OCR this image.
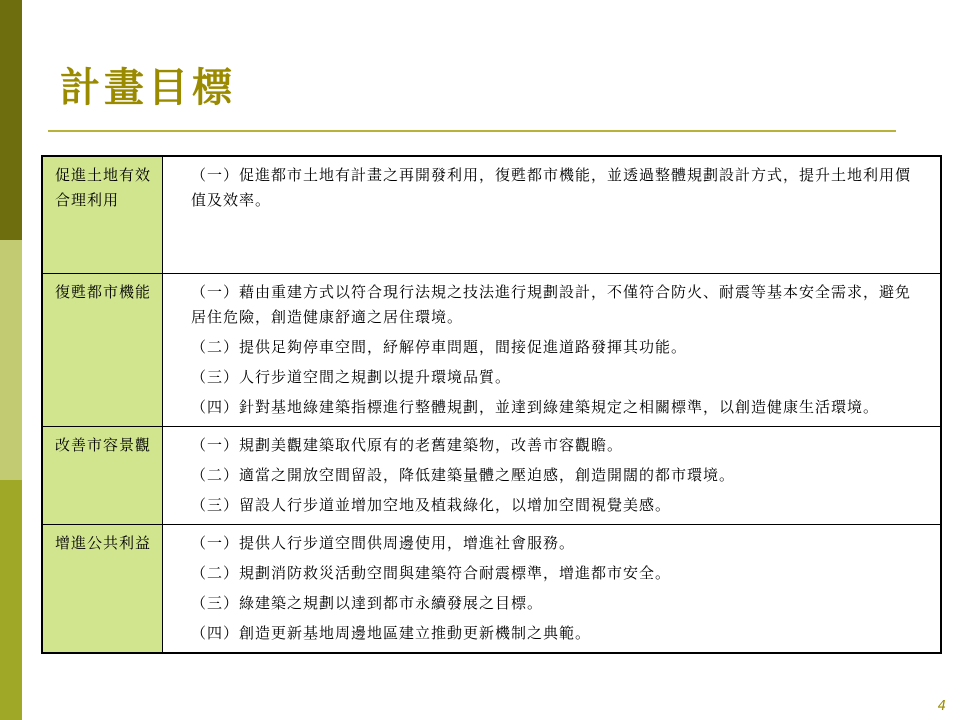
計畫目標
促進土地有效合理利用	（一）促進都市土地有計畫之再開發利用，復甦都市機能，並透過整體規劃設計方式，提升土地利用價值及效率。

復甦都市機能	（一）藉由重建方式以符合現行法規之技法進行規劃設計，不僅符合防火、耐震等基本安全需求，避免居住危險，創造健康舒適之居住環境。

（二）提供足夠停車空間，紓解停車問題，間接促進道路發揮其功能。

（三）人行步道空間之規劃以提升環境品質。

（四）針對基地綠建築指標進行整體規劃，並達到綠建築規定之相關標準，以創造健康生活環境。

改善市容景觀	（一）規劃美觀建築取代原有的老舊建築物，改善市容觀瞻。

（二）適當之開放空間留設，降低建築量體之壓迫感，創造開闊的都市環境。

（三）留設人行步道並增加空地及植栽綠化，以增加空間視覺美感。

增進公共利益	（一）提供人行步道空間供周邊使用，增進社會服務。

（二）規劃消防救災活動空間與建築符合耐震標準，增進都市安全。

（三）綠建築之規劃以達到都市永續發展之目標。

（四）創造更新基地周邊地區建立推動更新機制之典範。

4
